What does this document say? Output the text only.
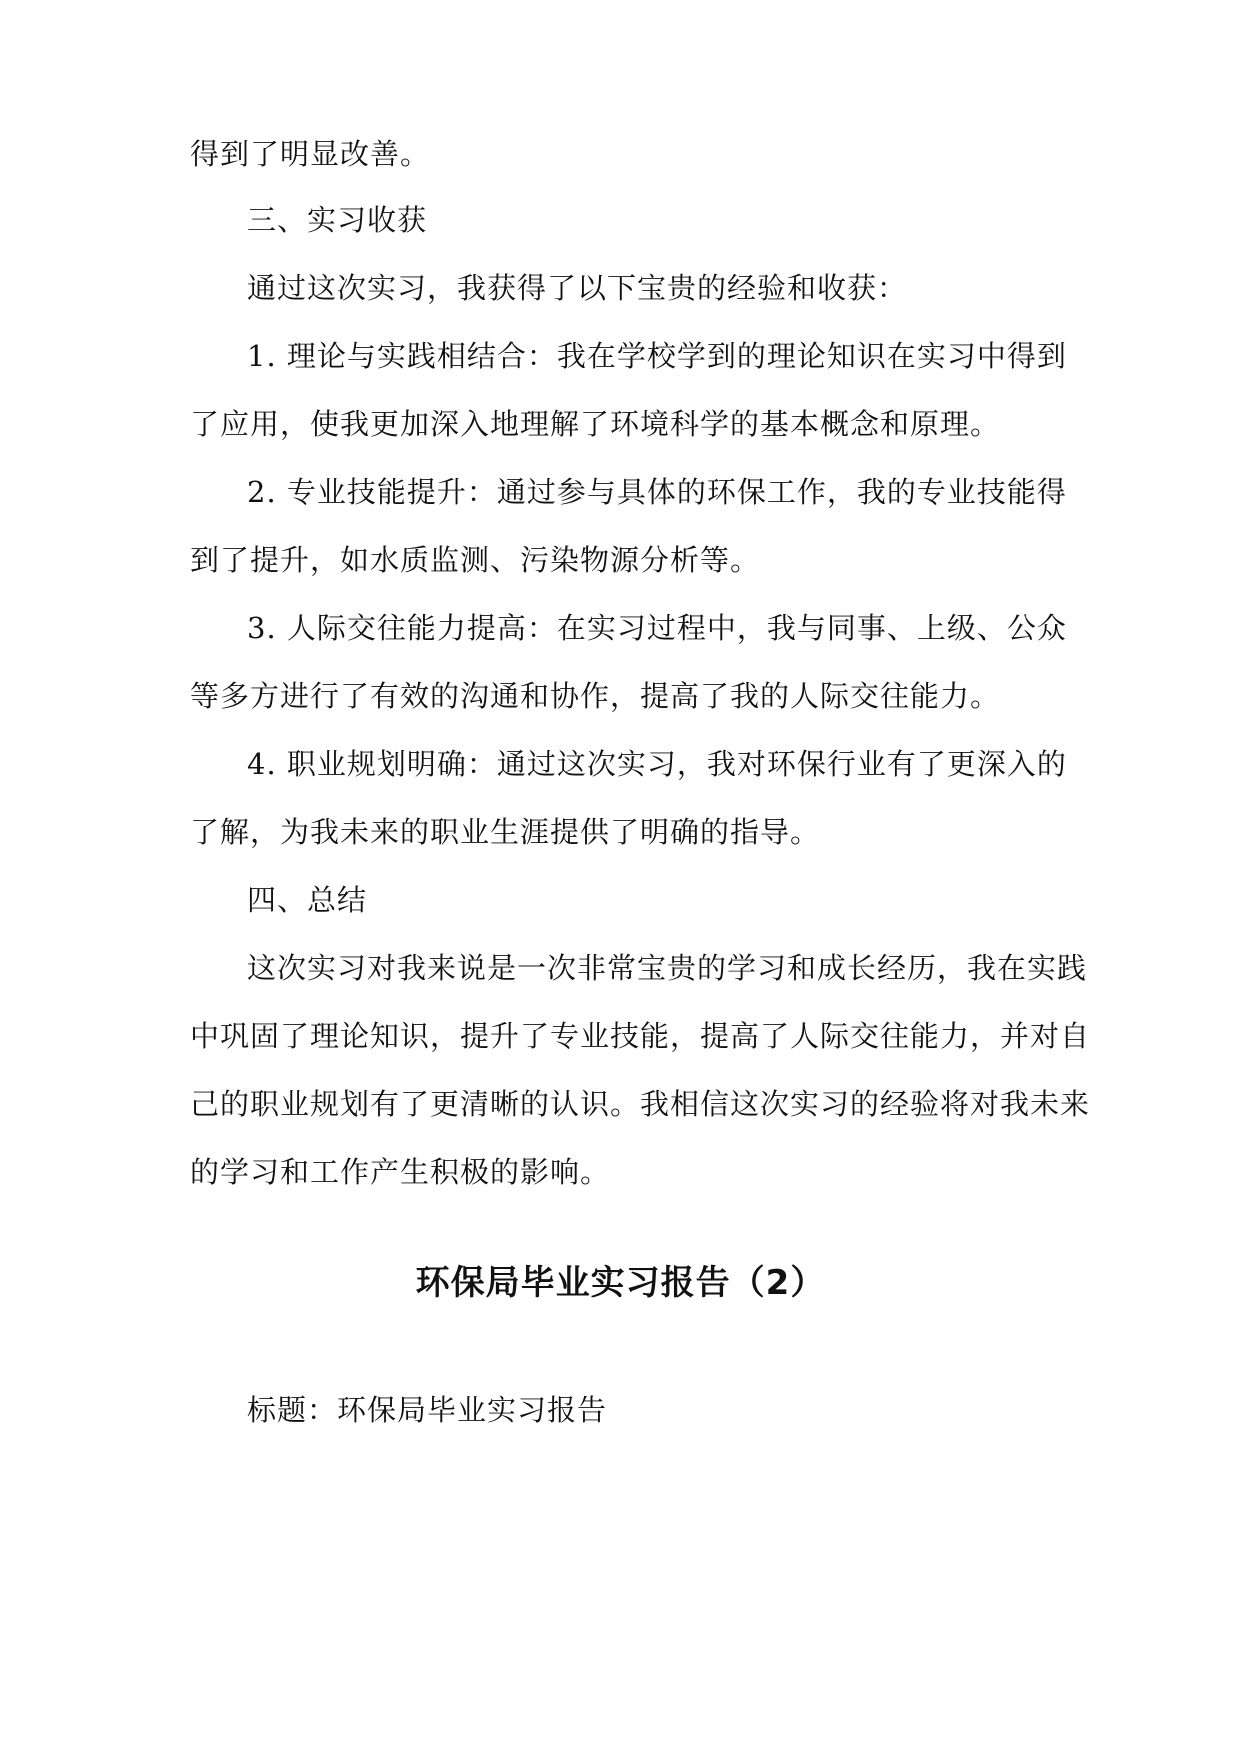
得到了明显改善。
三、实习收获
通过这次实习，我获得了以下宝贵的经验和收获：
1. 理论与实践相结合：我在学校学到的理论知识在实习中得到
了应用，使我更加深入地理解了环境科学的基本概念和原理。
2. 专业技能提升：通过参与具体的环保工作，我的专业技能得
到了提升，如水质监测、污染物源分析等。
3. 人际交往能力提高：在实习过程中，我与同事、上级、公众
等多方进行了有效的沟通和协作，提高了我的人际交往能力。
4. 职业规划明确：通过这次实习，我对环保行业有了更深入的
了解，为我未来的职业生涯提供了明确的指导。
四、总结
这次实习对我来说是一次非常宝贵的学习和成长经历，我在实践
中巩固了理论知识，提升了专业技能，提高了人际交往能力，并对自
己的职业规划有了更清晰的认识。我相信这次实习的经验将对我未来
的学习和工作产生积极的影响。
环保局毕业实习报告（2）
标题：环保局毕业实习报告
